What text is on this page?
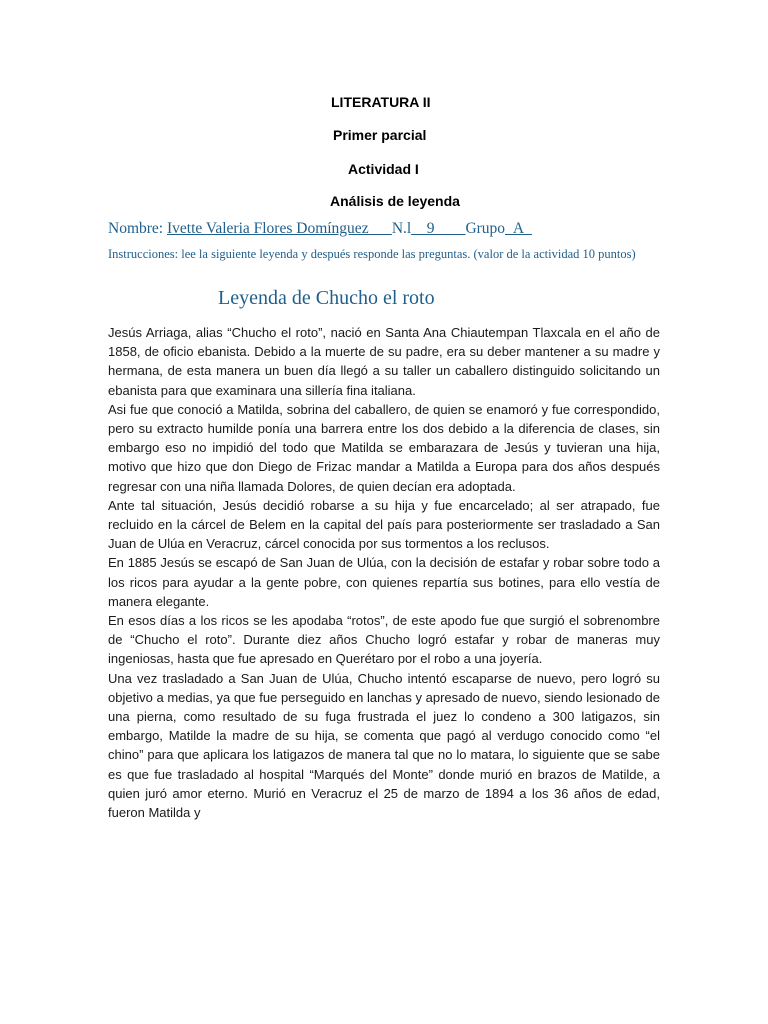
LITERATURA II
Primer parcial
Actividad I
Análisis de leyenda
Nombre: Ivette Valeria Flores Domínguez __ N.l__9____Grupo_A_

Instrucciones: lee la siguiente leyenda y después responde las preguntas. (valor de la actividad 10 puntos)

Leyenda de Chucho el roto

Jesús Arriaga, alias “Chucho el roto”, nació en Santa Ana Chiautempan Tlaxcala en el año de 1858, de oficio ebanista. Debido a la muerte de su padre, era su deber mantener a su madre y hermana, de esta manera un buen día llegó a su taller un caballero distinguido solicitando un ebanista para que examinara una sillería fina italiana.

Asi fue que conoció a Matilda, sobrina del caballero, de quien se enamoró y fue correspondido, pero su extracto humilde ponía una barrera entre los dos debido a la diferencia de clases, sin embargo eso no impidió del todo que Matilda se embarazara de Jesús y tuvieran una hija, motivo que hizo que don Diego de Frizac mandar a Matilda a Europa para dos años después regresar con una niña llamada Dolores, de quien decían era adoptada.

Ante tal situación, Jesús decidió robarse a su hija y fue encarcelado; al ser atrapado, fue recluido en la cárcel de Belem en la capital del país para posteriormente ser trasladado a San Juan de Ulúa en Veracruz, cárcel conocida por sus tormentos a los reclusos.

En 1885 Jesús se escapó de San Juan de Ulúa, con la decisión de estafar y robar sobre todo a los ricos para ayudar a la gente pobre, con quienes repartía sus botines, para ello vestía de manera elegante.

En esos días a los ricos se les apodaba “rotos”, de este apodo fue que surgió el sobrenombre de “Chucho el roto”. Durante diez años Chucho logró estafar y robar de maneras muy ingeniosas, hasta que fue apresado en Querétaro por el robo a una joyería.

Una vez trasladado a San Juan de Ulúa, Chucho intentó escaparse de nuevo, pero logró su objetivo a medias, ya que fue perseguido en lanchas y apresado de nuevo, siendo lesionado de una pierna, como resultado de su fuga frustrada el juez lo condeno a 300 latigazos, sin embargo, Matilde la madre de su hija, se comenta que pagó al verdugo conocido como “el chino” para que aplicara los latigazos de manera tal que no lo matara, lo siguiente que se sabe es que fue trasladado al hospital “Marqués del Monte” donde murió en brazos de Matilde, a quien juró amor eterno. Murió en Veracruz el 25 de marzo de 1894 a los 36 años de edad, fueron Matilda y
